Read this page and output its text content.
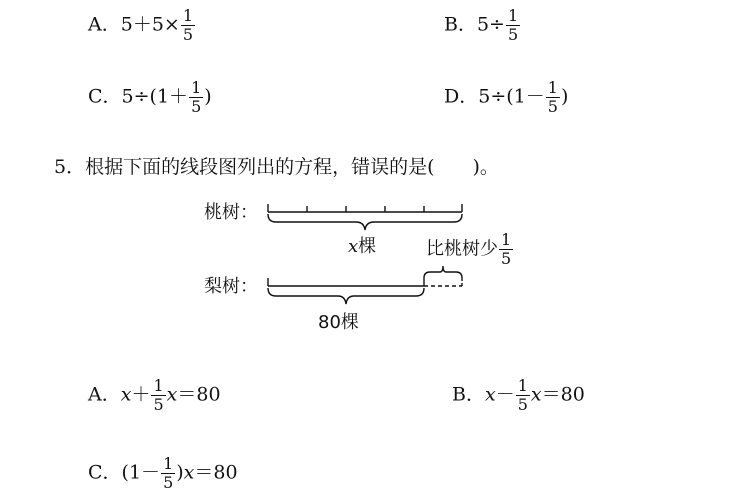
A．$5+5\times \frac{1}{5}$	B．$5\div \frac{1}{5}$
C．$5\div(1+ \frac{1}{5}$ )	D．$5\div(1- \frac{1}{5}$ )
5．根据下面的线段图列出的方程，错误的是(　　)。
桃树：
梨树：
x棵	比桃树少 $\frac{1}{5}$
80棵
A．$x+ \frac{1}{5} x=80$	B．$x- \frac{1}{5} x=80$
C．$(1- \frac{1}{5} )x=80$
